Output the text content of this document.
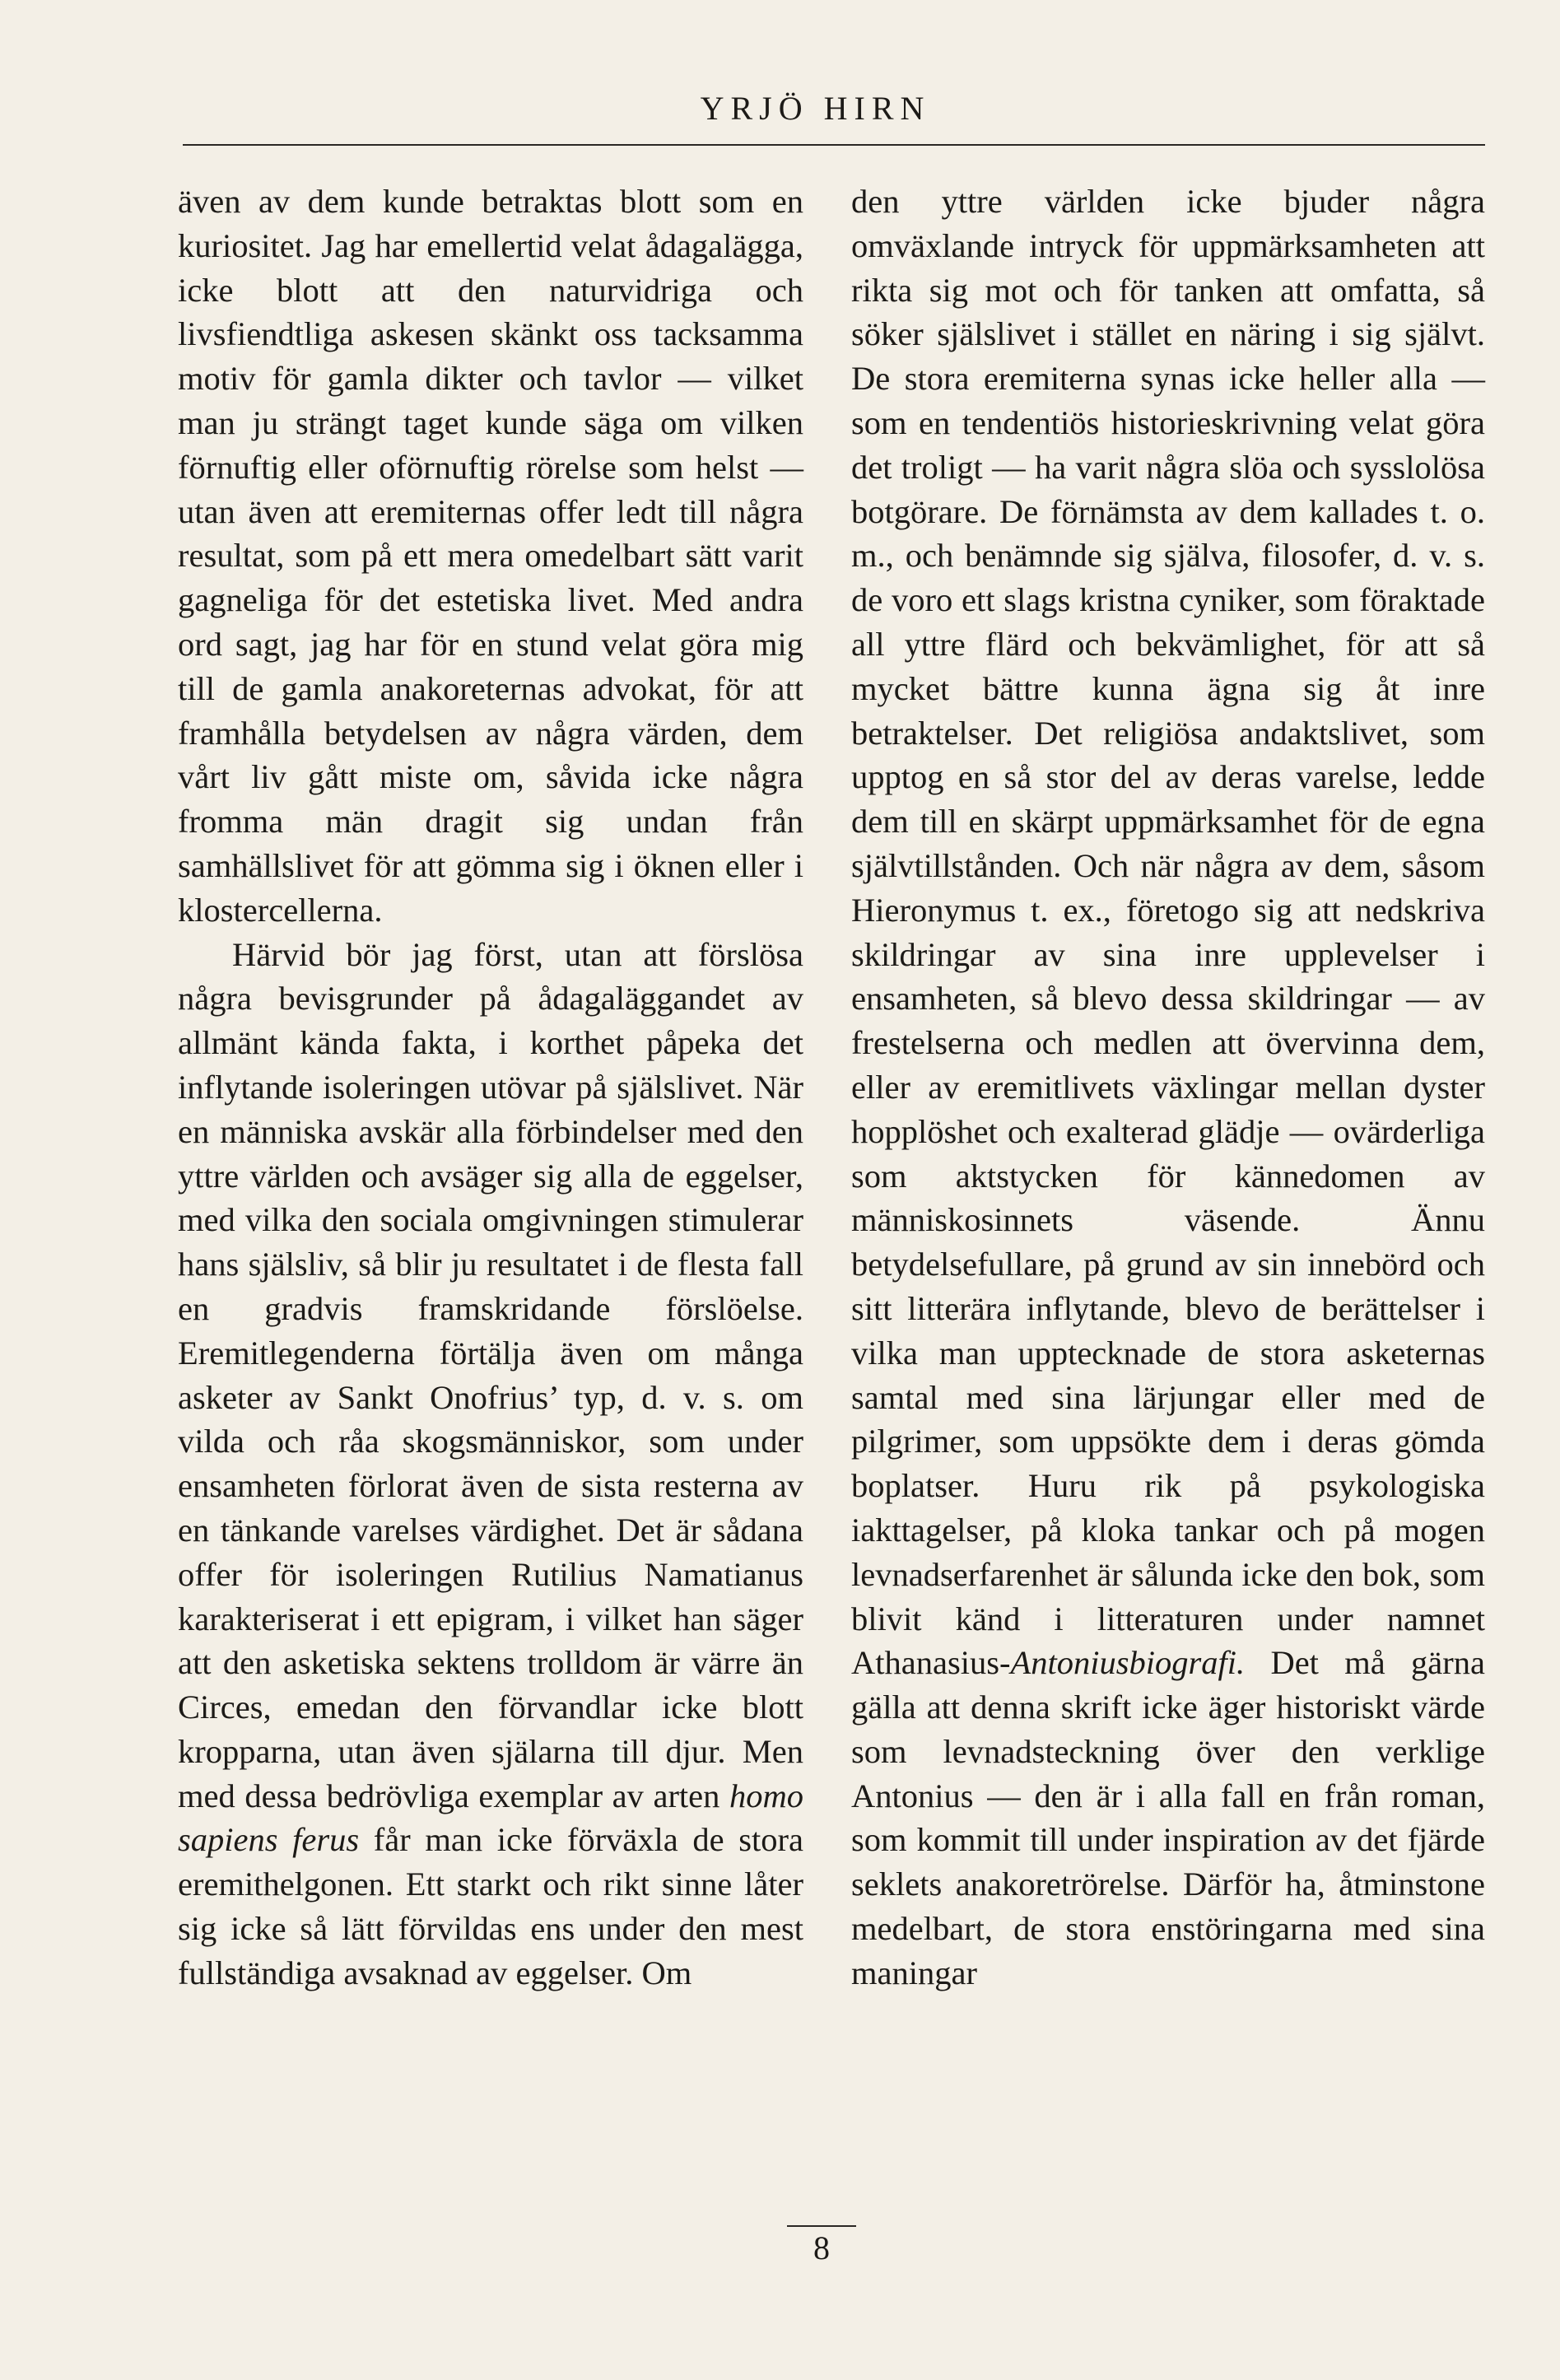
YRJÖ HIRN

även av dem kunde betraktas blott som en kuriositet. Jag har emellertid velat ådagalägga, icke blott att den naturvidriga och livsfiendtliga askesen skänkt oss tacksamma motiv för gamla dikter och tavlor — vilket man ju strängt taget kunde säga om vilken förnuftig eller oförnuftig rörelse som helst — utan även att eremiternas offer ledt till några resultat, som på ett mera omedelbart sätt varit gagneliga för det estetiska livet. Med andra ord sagt, jag har för en stund velat göra mig till de gamla anakoreternas advokat, för att framhålla betydelsen av några värden, dem vårt liv gått miste om, såvida icke några fromma män dragit sig undan från samhällslivet för att gömma sig i öknen eller i klostercellerna.

Härvid bör jag först, utan att förslösa några bevisgrunder på ådagaläggandet av allmänt kända fakta, i korthet påpeka det inflytande isoleringen utövar på själslivet. När en människa avskär alla förbindelser med den yttre världen och avsäger sig alla de eggelser, med vilka den sociala omgivningen stimulerar hans själsliv, så blir ju resultatet i de flesta fall en gradvis framskridande förslöelse. Eremitlegenderna förtälja även om många asketer av Sankt Onofrius’ typ, d. v. s. om vilda och råa skogsmänniskor, som under ensamheten förlorat även de sista resterna av en tänkande varelses värdighet. Det är sådana offer för isoleringen Rutilius Namatianus karakteriserat i ett epigram, i vilket han säger att den asketiska sektens trolldom är värre än Circes, emedan den förvandlar icke blott kropparna, utan även själarna till djur. Men med dessa bedrövliga exemplar av arten homo sapiens ferus får man icke förväxla de stora eremithelgonen. Ett starkt och rikt sinne låter sig icke så lätt förvildas ens under den mest fullständiga avsaknad av eggelser. Om

den yttre världen icke bjuder några omväxlande intryck för uppmärksamheten att rikta sig mot och för tanken att omfatta, så söker själslivet i stället en näring i sig självt. De stora eremiterna synas icke heller alla — som en tendentiös historieskrivning velat göra det troligt — ha varit några slöa och sysslolösa botgörare. De förnämsta av dem kallades t. o. m., och benämnde sig själva, filosofer, d. v. s. de voro ett slags kristna cyniker, som föraktade all yttre flärd och bekvämlighet, för att så mycket bättre kunna ägna sig åt inre betraktelser. Det religiösa andaktslivet, som upptog en så stor del av deras varelse, ledde dem till en skärpt uppmärksamhet för de egna självtillstånden. Och när några av dem, såsom Hieronymus t. ex., företogo sig att nedskriva skildringar av sina inre upplevelser i ensamheten, så blevo dessa skildringar — av frestelserna och medlen att övervinna dem, eller av eremitlivets växlingar mellan dyster hopplöshet och exalterad glädje — ovärderliga som aktstycken för kännedomen av människosinnets väsende. Ännu betydelsefullare, på grund av sin innebörd och sitt litterära inflytande, blevo de berättelser i vilka man upptecknade de stora asketernas samtal med sina lärjungar eller med de pilgrimer, som uppsökte dem i deras gömda boplatser. Huru rik på psykologiska iakttagelser, på kloka tankar och på mogen levnadserfarenhet är sålunda icke den bok, som blivit känd i litteraturen under namnet Athanasius-Antoniusbiografi. Det må gärna gälla att denna skrift icke äger historiskt värde som levnadsteckning över den verklige Antonius — den är i alla fall en från roman, som kommit till under inspiration av det fjärde seklets anakoretrörelse. Därför ha, åtminstone medelbart, de stora enstöringarna med sina maningar

8
